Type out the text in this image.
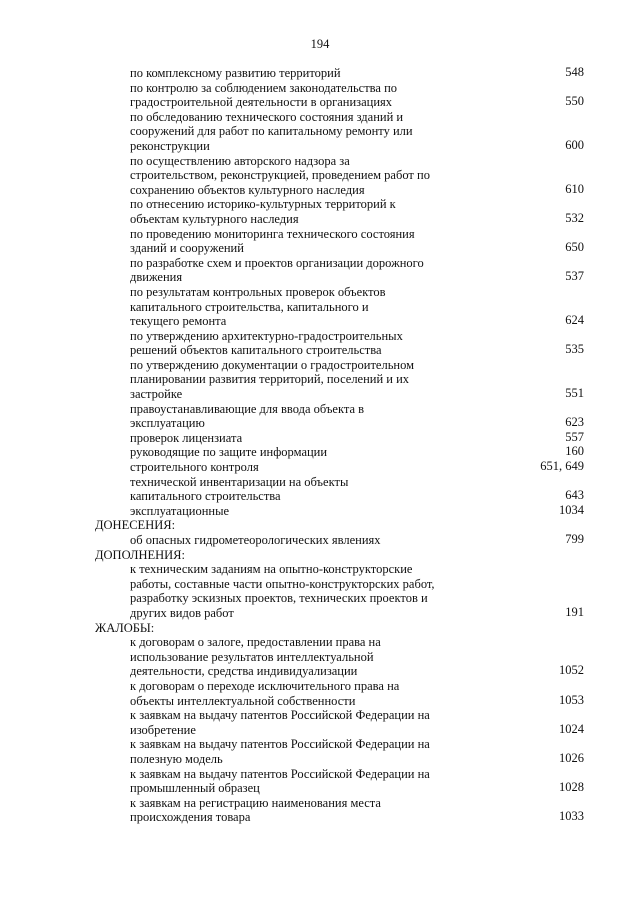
194
по комплексному развитию территорий	548
по контролю за соблюдением законодательства по градостроительной деятельности в организациях	550
по обследованию технического состояния зданий и сооружений для работ по капитальному ремонту или реконструкции	600
по осуществлению авторского надзора за строительством, реконструкцией, проведением работ по сохранению объектов культурного наследия	610
по отнесению историко-культурных территорий к объектам культурного наследия	532
по проведению мониторинга технического состояния зданий и сооружений	650
по разработке схем и проектов организации дорожного движения	537
по результатам контрольных проверок объектов капитального строительства, капитального и текущего ремонта	624
по утверждению архитектурно-градостроительных решений объектов капитального строительства	535
по утверждению документации о градостроительном планировании развития территорий, поселений и их застройке	551
правоустанавливающие для ввода объекта в эксплуатацию	623
проверок лицензиата	557
руководящие по защите информации	160
строительного контроля	651, 649
технической инвентаризации на объекты капитального строительства	643
эксплуатационные	1034
ДОНЕСЕНИЯ:
об опасных гидрометеорологических явлениях	799
ДОПОЛНЕНИЯ:
к техническим заданиям на опытно-конструкторские работы, составные части опытно-конструкторских работ, разработку эскизных проектов, технических проектов и других видов работ	191
ЖАЛОБЫ:
к договорам о залоге, предоставлении права на использование результатов интеллектуальной деятельности, средства индивидуализации	1052
к договорам о переходе исключительного права на объекты интеллектуальной собственности	1053
к заявкам на выдачу патентов Российской Федерации на изобретение	1024
к заявкам на выдачу патентов Российской Федерации на полезную модель	1026
к заявкам на выдачу патентов Российской Федерации на промышленный образец	1028
к заявкам на регистрацию наименования места происхождения товара	1033
